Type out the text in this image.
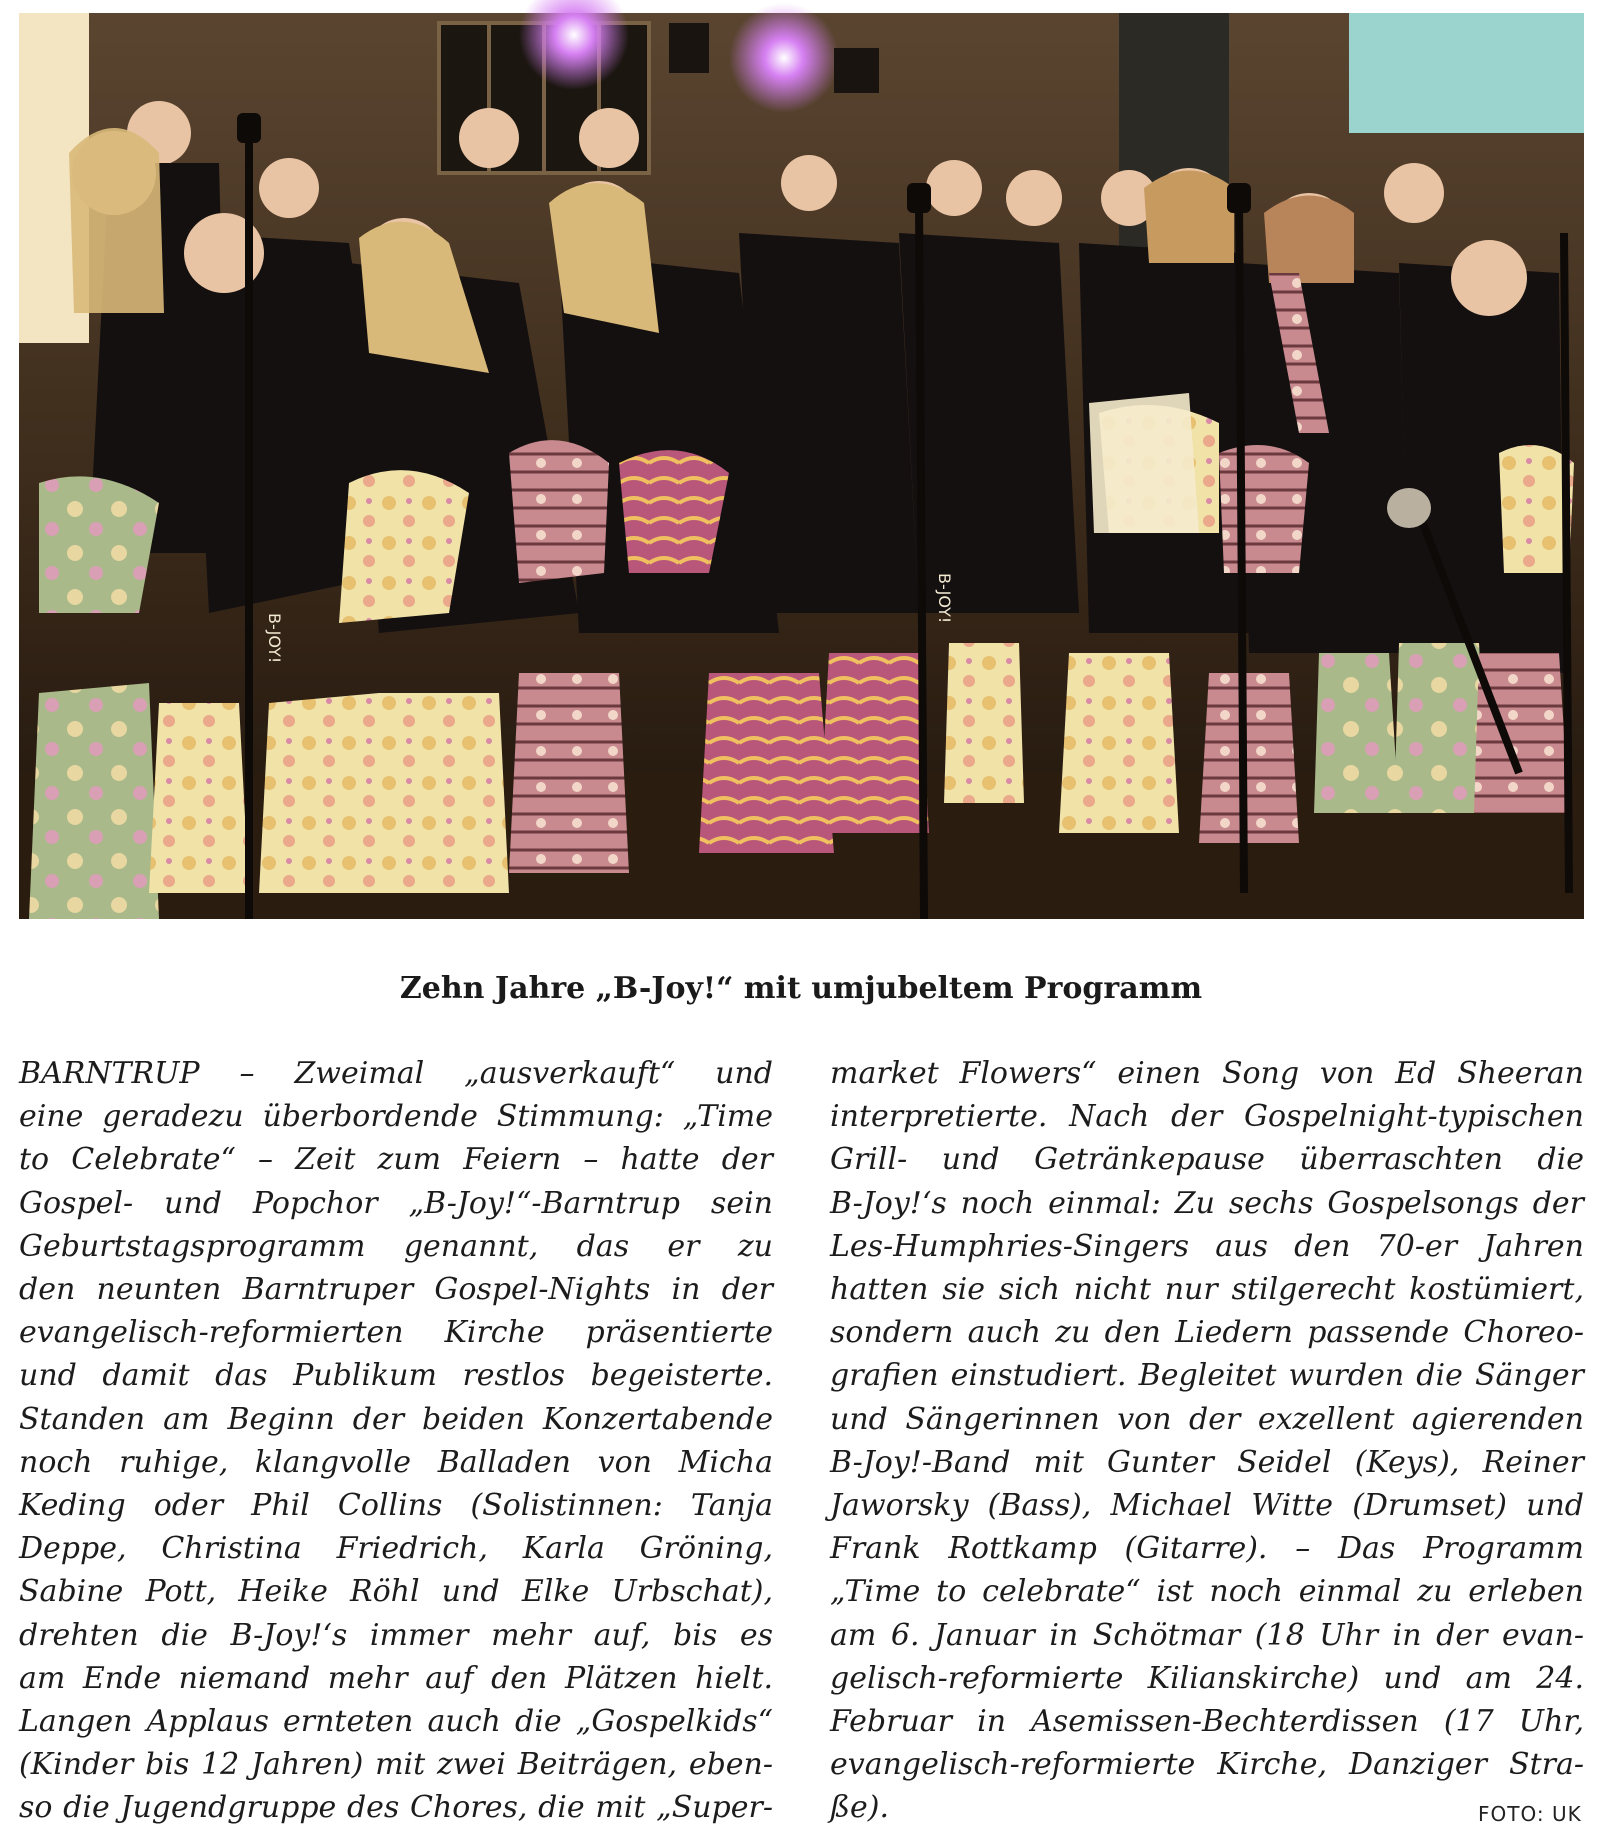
B-JOY!
B-JOY!
Zehn Jahre „B-Joy!“ mit umjubeltem Programm
BARNTRUP – Zweimal „ausverkauft“ und
eine geradezu überbordende Stimmung: „Time
to Celebrate“ – Zeit zum Feiern – hatte der
Gospel- und Popchor „B-Joy!“-Barntrup sein
Geburtstagsprogramm genannt, das er zu
den neunten Barntruper Gospel-Nights in der
evangelisch-reformierten Kirche präsentierte
und damit das Publikum restlos begeisterte.
Standen am Beginn der beiden Konzertabende
noch ruhige, klangvolle Balladen von Micha
Keding oder Phil Collins (Solistinnen: Tanja
Deppe, Christina Friedrich, Karla Gröning,
Sabine Pott, Heike Röhl und Elke Urbschat),
drehten die B-Joy!‘s immer mehr auf, bis es
am Ende niemand mehr auf den Plätzen hielt.
Langen Applaus ernteten auch die „Gospelkids“
(Kinder bis 12 Jahren) mit zwei Beiträgen, eben-
so die Jugendgruppe des Chores, die mit „Super-
market Flowers“ einen Song von Ed Sheeran
interpretierte. Nach der Gospelnight-typischen
Grill- und Getränkepause überraschten die
B-Joy!‘s noch einmal: Zu sechs Gospelsongs der
Les-Humphries-Singers aus den 70-er Jahren
hatten sie sich nicht nur stilgerecht kostümiert,
sondern auch zu den Liedern passende Choreo-
grafien einstudiert. Begleitet wurden die Sänger
und Sängerinnen von der exzellent agierenden
B-Joy!-Band mit Gunter Seidel (Keys), Reiner
Jaworsky (Bass), Michael Witte (Drumset) und
Frank Rottkamp (Gitarre). – Das Programm
„Time to celebrate“ ist noch einmal zu erleben
am 6. Januar in Schötmar (18 Uhr in der evan-
gelisch-reformierte Kilianskirche) und am 24.
Februar in Asemissen-Bechterdissen (17 Uhr,
evangelisch-reformierte Kirche, Danziger Stra-
ße).	FOTO: UK
